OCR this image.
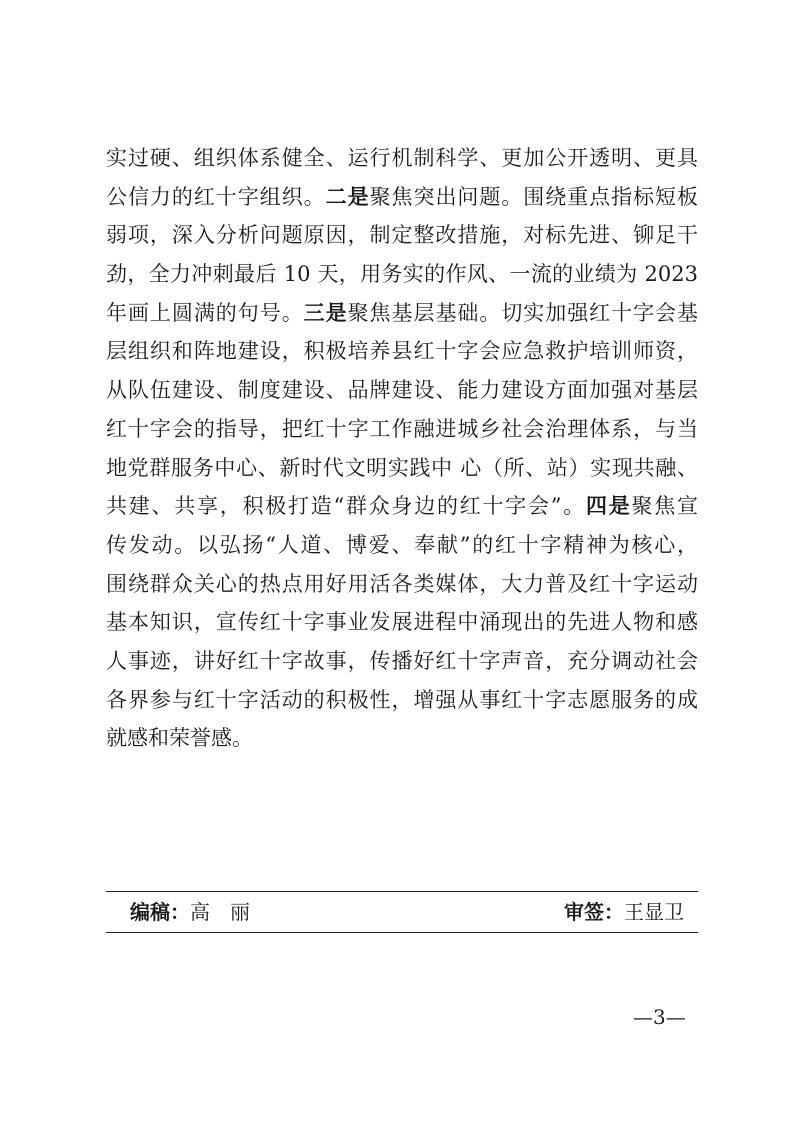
实过硬、组织体系健全、运行机制科学、更加公开透明、更具
公信力的红十字组织。二是聚焦突出问题。围绕重点指标短板
弱项，深入分析问题原因，制定整改措施，对标先进、铆足干
劲，全力冲刺最后 10 天，用务实的作风、一流的业绩为 2023
年画上圆满的句号。三是聚焦基层基础。切实加强红十字会基
层组织和阵地建设，积极培养县红十字会应急救护培训师资，
从队伍建设、制度建设、品牌建设、能力建设方面加强对基层
红十字会的指导，把红十字工作融进城乡社会治理体系，与当
地党群服务中心、新时代文明实践中 心（所、站）实现共融、
共建、共享，积极打造“群众身边的红十字会”。四是聚焦宣
传发动。以弘扬“人道、博爱、奉献”的红十字精神为核心，
围绕群众关心的热点用好用活各类媒体，大力普及红十字运动
基本知识，宣传红十字事业发展进程中涌现出的先进人物和感
人事迹，讲好红十字故事，传播好红十字声音，充分调动社会
各界参与红十字活动的积极性，增强从事红十字志愿服务的成
就感和荣誉感。
编稿：高　丽	审签：王显卫
—3—
